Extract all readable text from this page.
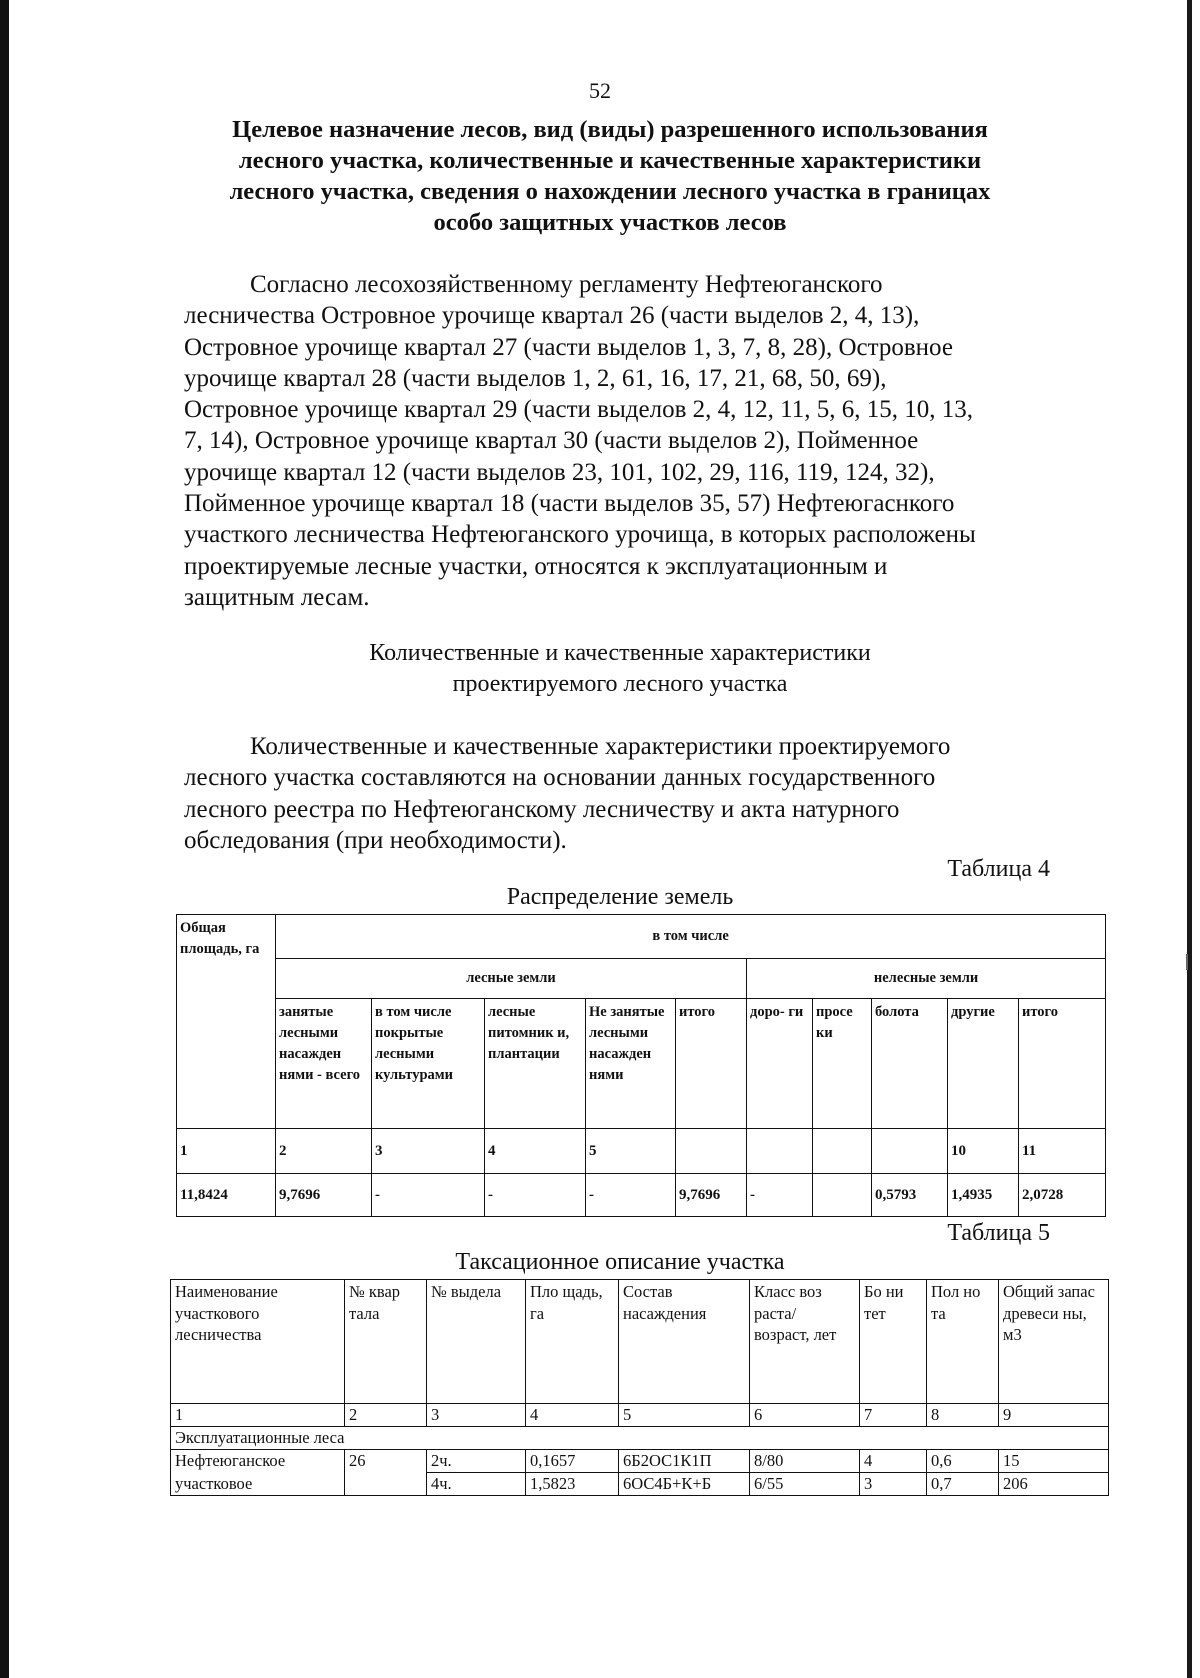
52
Целевое назначение лесов, вид (виды) разрешенного использования
лесного участка, количественные и качественные характеристики
лесного участка, сведения о нахождении лесного участка в границах
особо защитных участков лесов
Согласно лесохозяйственному регламенту Нефтеюганского
лесничества Островное урочище квартал 26 (части выделов 2, 4, 13),
Островное урочище квартал 27 (части выделов 1, 3, 7, 8, 28), Островное
урочище квартал 28 (части выделов 1, 2, 61, 16, 17, 21, 68, 50, 69),
Островное урочище квартал 29 (части выделов 2, 4, 12, 11, 5, 6, 15, 10, 13,
7, 14), Островное урочище квартал 30 (части выделов 2), Пойменное
урочище квартал 12 (части выделов 23, 101, 102, 29, 116, 119, 124, 32),
Пойменное урочище квартал 18 (части выделов 35, 57) Нефтеюгаснкого
участкого лесничества Нефтеюганского урочища, в которых расположены
проектируемые лесные участки, относятся к эксплуатационным и
защитным лесам.
Количественные и качественные характеристики
проектируемого лесного участка
Количественные и качественные характеристики проектируемого
лесного участка составляются на основании данных государственного
лесного реестра по Нефтеюганскому лесничеству и акта натурного
обследования (при необходимости).
Таблица 4
Распределение земель
Общая площадь, га	в том числе									
	лесные земли					нелесные земли				
	занятые лесными насажден нями - всего	в том числе покрытые лесными культурами	лесные питомник и, плантации	Не занятые лесными насажден нями	итого	доро- ги	просе ки	болота	другие	итого
1	2	3	4	5					10	11
11,8424	9,7696	-	-	-	9,7696	-		0,5793	1,4935	2,0728
Таблица 5
Таксационное описание участка
Наименование участкового лесничества	№ квар тала	№ выдела	Пло щадь, га	Состав насаждения	Класс воз раста/ возраст, лет	Бо ни тет	Пол но та	Общий запас древеси ны, м3
1	2	3	4	5	6	7	8	9
Эксплуатационные леса								
Нефтеюганское	26	2ч.	0,1657	6Б2ОС1К1П	8/80	4	0,6	15
участковое		4ч.	1,5823	6ОС4Б+К+Б	6/55	3	0,7	206
